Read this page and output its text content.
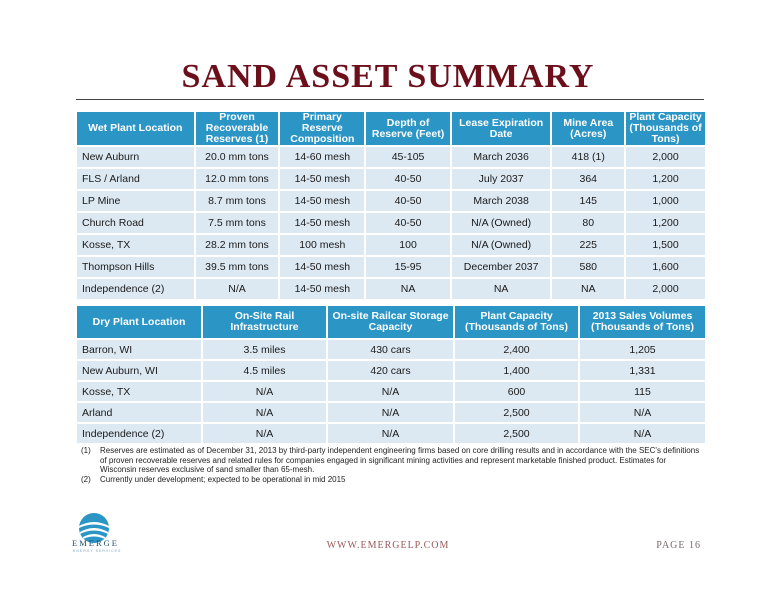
SAND ASSET SUMMARY
Wet Plant Location	Proven Recoverable Reserves (1)	Primary Reserve Composition	Depth of Reserve (Feet)	Lease Expiration Date	Mine Area (Acres)	Plant Capacity (Thousands of Tons)
New Auburn	20.0 mm tons	14-60 mesh	45-105	March 2036	418 (1)	2,000
FLS / Arland	12.0 mm tons	14-50 mesh	40-50	July 2037	364	1,200
LP Mine	8.7 mm tons	14-50 mesh	40-50	March 2038	145	1,000
Church Road	7.5 mm tons	14-50 mesh	40-50	N/A (Owned)	80	1,200
Kosse, TX	28.2 mm tons	100 mesh	100	N/A (Owned)	225	1,500
Thompson Hills	39.5 mm tons	14-50 mesh	15-95	December 2037	580	1,600
Independence (2)	N/A	14-50 mesh	NA	NA	NA	2,000
Dry Plant Location	On-Site Rail Infrastructure	On-site Railcar Storage Capacity	Plant Capacity (Thousands of Tons)	2013 Sales Volumes (Thousands of Tons)
Barron, WI	3.5 miles	430 cars	2,400	1,205
New Auburn, WI	4.5 miles	420 cars	1,400	1,331
Kosse, TX	N/A	N/A	600	115
Arland	N/A	N/A	2,500	N/A
Independence (2)	N/A	N/A	2,500	N/A
(1)	Reserves are estimated as of December 31, 2013 by third-party independent engineering firms based on core drilling results and in accordance with the SEC's definitions of proven recoverable reserves and related rules for companies engaged in significant mining activities and represent marketable finished product. Estimates for Wisconsin reserves exclusive of sand smaller than 65-mesh.
(2)	Currently under development; expected to be operational in mid 2015
EMERGE
ENERGY SERVICES	WWW.EMERGELP.COM	PAGE 16
